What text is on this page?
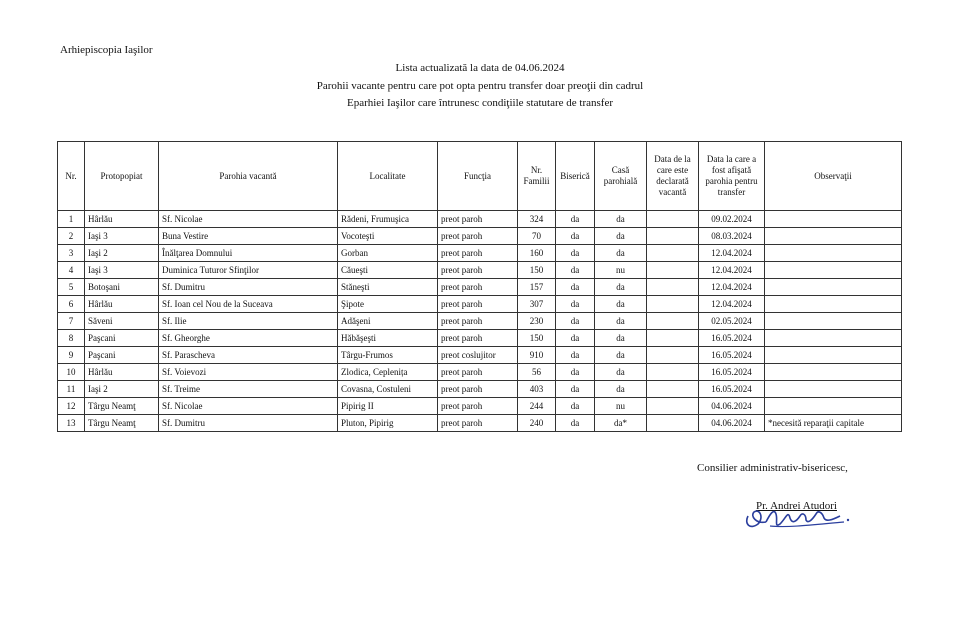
Arhiepiscopia Iaşilor
Lista actualizată la data de 04.06.2024
Parohii vacante pentru care pot opta pentru transfer doar preoţii din cadrul
Eparhiei Iaşilor care întrunesc condiţiile statutare de transfer
Nr.	Protopopiat	Parohia vacantă	Localitate	Funcţia	Nr. Familii	Biserică	Casă parohială	Data de la care este declarată vacantă	Data la care a fost afişată parohia pentru transfer	Observaţii
1	Hârlău	Sf. Nicolae	Rădeni, Frumuşica	preot paroh	324	da	da		09.02.2024	
2	Iaşi 3	Buna Vestire	Vocoteşti	preot paroh	70	da	da		08.03.2024	
3	Iaşi 2	Înălţarea Domnului	Gorban	preot paroh	160	da	da		12.04.2024	
4	Iaşi 3	Duminica Tuturor Sfinţilor	Căueşti	preot paroh	150	da	nu		12.04.2024	
5	Botoşani	Sf. Dumitru	Stăneşti	preot paroh	157	da	da		12.04.2024	
6	Hârlău	Sf. Ioan cel Nou de la Suceava	Şipote	preot paroh	307	da	da		12.04.2024	
7	Săveni	Sf. Ilie	Adăşeni	preot paroh	230	da	da		02.05.2024	
8	Paşcani	Sf. Gheorghe	Hăbăşeşti	preot paroh	150	da	da		16.05.2024	
9	Paşcani	Sf. Parascheva	Târgu-Frumos	preot coslujitor	910	da	da		16.05.2024	
10	Hârlău	Sf. Voievozi	Zlodica, Ceplenița	preot paroh	56	da	da		16.05.2024	
11	Iaşi 2	Sf. Treime	Covasna, Costuleni	preot paroh	403	da	da		16.05.2024	
12	Târgu Neamţ	Sf. Nicolae	Pipirig II	preot paroh	244	da	nu		04.06.2024	
13	Târgu Neamţ	Sf. Dumitru	Pluton, Pipirig	preot paroh	240	da	da*		04.06.2024	*necesită reparaţii capitale
Consilier administrativ-bisericesc,
Pr. Andrei Atudori
